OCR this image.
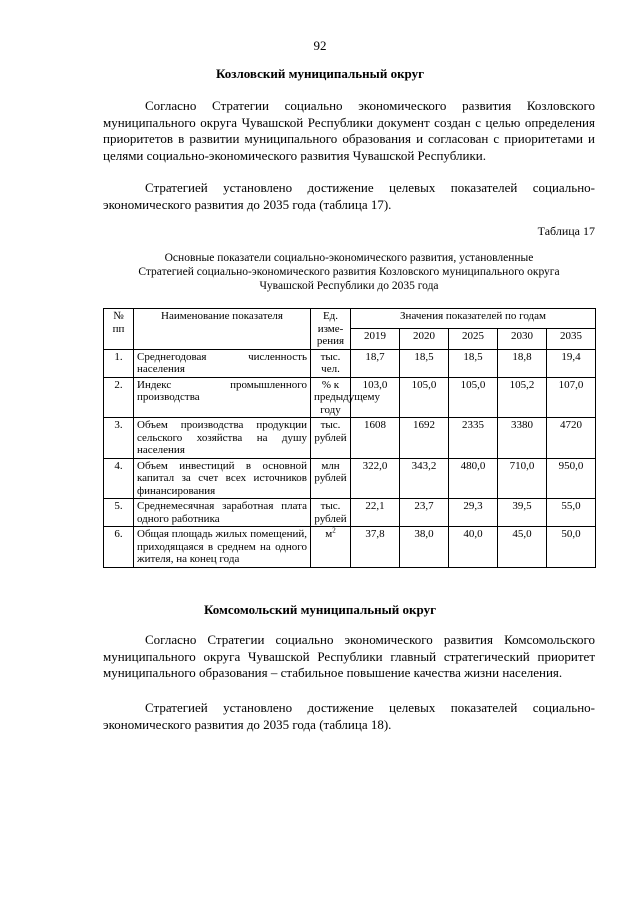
92
Козловский муниципальный округ

Согласно Стратегии социально экономического развития Козловского муниципального округа Чувашской Республики документ создан с целью определения приоритетов в развитии муниципального образования и согласован с приоритетами и целями социально-экономического развития Чувашской Республики.

Стратегией установлено достижение целевых показателей социально-экономического развития до 2035 года (таблица 17).

Таблица 17
Основные показатели социально-экономического развития, установленные
Стратегией социально-экономического развития Козловского муниципального округа
Чувашской Республики до 2035 года
№ пп	Наименование показателя	Ед. изме-рения	Значения показателей по годам				
			2019	2020	2025	2030	2035
1.	Среднегодовая численность населения	тыс. чел.	18,7	18,5	18,5	18,8	19,4
2.	Индекс промышленного производства	% к предыдущему году	103,0	105,0	105,0	105,2	107,0
3.	Объем производства продукции сельского хозяйства на душу населения	тыс. рублей	1608	1692	2335	3380	4720
4.	Объем инвестиций в основной капитал за счет всех источников финансирования	млн рублей	322,0	343,2	480,0	710,0	950,0
5.	Среднемесячная заработная плата одного работника	тыс. рублей	22,1	23,7	29,3	39,5	55,0
6.	Общая площадь жилых помещений, приходящаяся в среднем на одного жителя, на конец года	$м^2$	37,8	38,0	40,0	45,0	50,0
Комсомольский муниципальный округ

Согласно Стратегии социально экономического развития Комсомольского муниципального округа Чувашской Республики главный стратегический приоритет муниципального образования – стабильное повышение качества жизни населения.

Стратегией установлено достижение целевых показателей социально-экономического развития до 2035 года (таблица 18).
